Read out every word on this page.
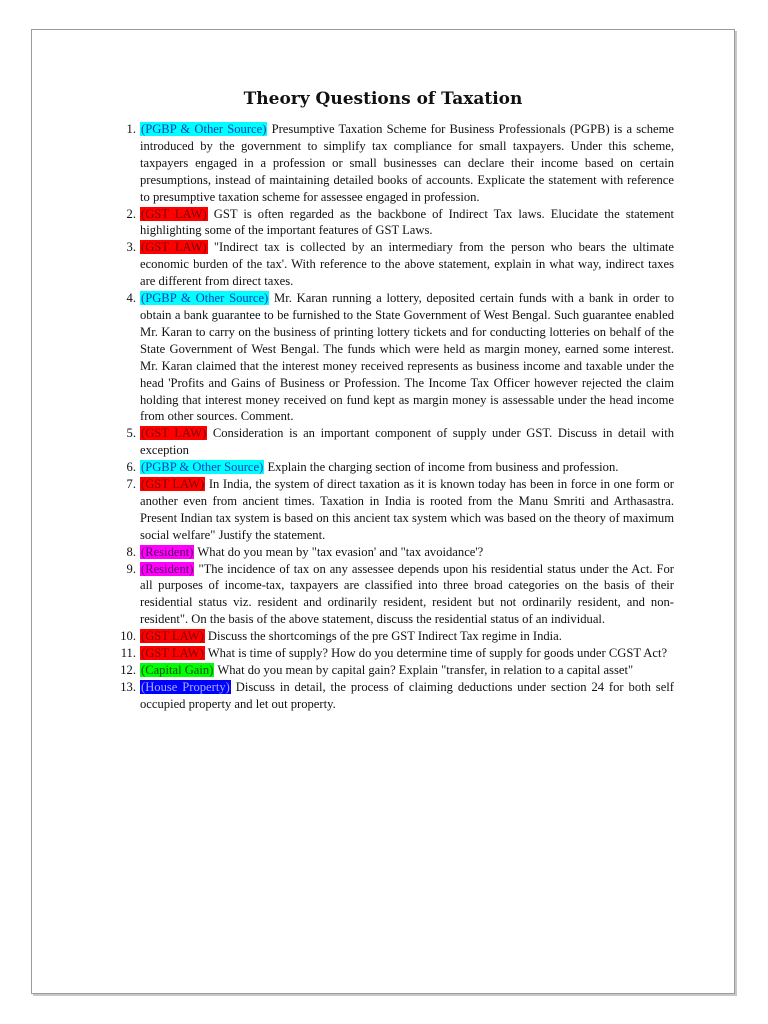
Theory Questions of Taxation
1. (PGBP & Other Source) Presumptive Taxation Scheme for Business Professionals (PGPB) is a scheme introduced by the government to simplify tax compliance for small taxpayers. Under this scheme, taxpayers engaged in a profession or small businesses can declare their income based on certain presumptions, instead of maintaining detailed books of accounts. Explicate the statement with reference to presumptive taxation scheme for assessee engaged in profession.
2. (GST LAW) GST is often regarded as the backbone of Indirect Tax laws. Elucidate the statement highlighting some of the important features of GST Laws.
3. (GST LAW) "Indirect tax is collected by an intermediary from the person who bears the ultimate economic burden of the tax'. With reference to the above statement, explain in what way, indirect taxes are different from direct taxes.
4. (PGBP & Other Source) Mr. Karan running a lottery, deposited certain funds with a bank in order to obtain a bank guarantee to be furnished to the State Government of West Bengal. Such guarantee enabled Mr. Karan to carry on the business of printing lottery tickets and for conducting lotteries on behalf of the State Government of West Bengal. The funds which were held as margin money, earned some interest. Mr. Karan claimed that the interest money received represents as business income and taxable under the head 'Profits and Gains of Business or Profession. The Income Tax Officer however rejected the claim holding that interest money received on fund kept as margin money is assessable under the head income from other sources. Comment.
5. (GST LAW) Consideration is an important component of supply under GST. Discuss in detail with exception
6. (PGBP & Other Source) Explain the charging section of income from business and profession.
7. (GST LAW) In India, the system of direct taxation as it is known today has been in force in one form or another even from ancient times. Taxation in India is rooted from the Manu Smriti and Arthasastra. Present Indian tax system is based on this ancient tax system which was based on the theory of maximum social welfare" Justify the statement.
8. (Resident) What do you mean by "tax evasion' and "tax avoidance'?
9. (Resident) "The incidence of tax on any assessee depends upon his residential status under the Act. For all purposes of income-tax, taxpayers are classified into three broad categories on the basis of their residential status viz. resident and ordinarily resident, resident but not ordinarily resident, and non-resident". On the basis of the above statement, discuss the residential status of an individual.
10. (GST LAW) Discuss the shortcomings of the pre GST Indirect Tax regime in India.
11. (GST LAW) What is time of supply? How do you determine time of supply for goods under CGST Act?
12. (Capital Gain) What do you mean by capital gain? Explain "transfer, in relation to a capital asset"
13. (House Property) Discuss in detail, the process of claiming deductions under section 24 for both self occupied property and let out property.
